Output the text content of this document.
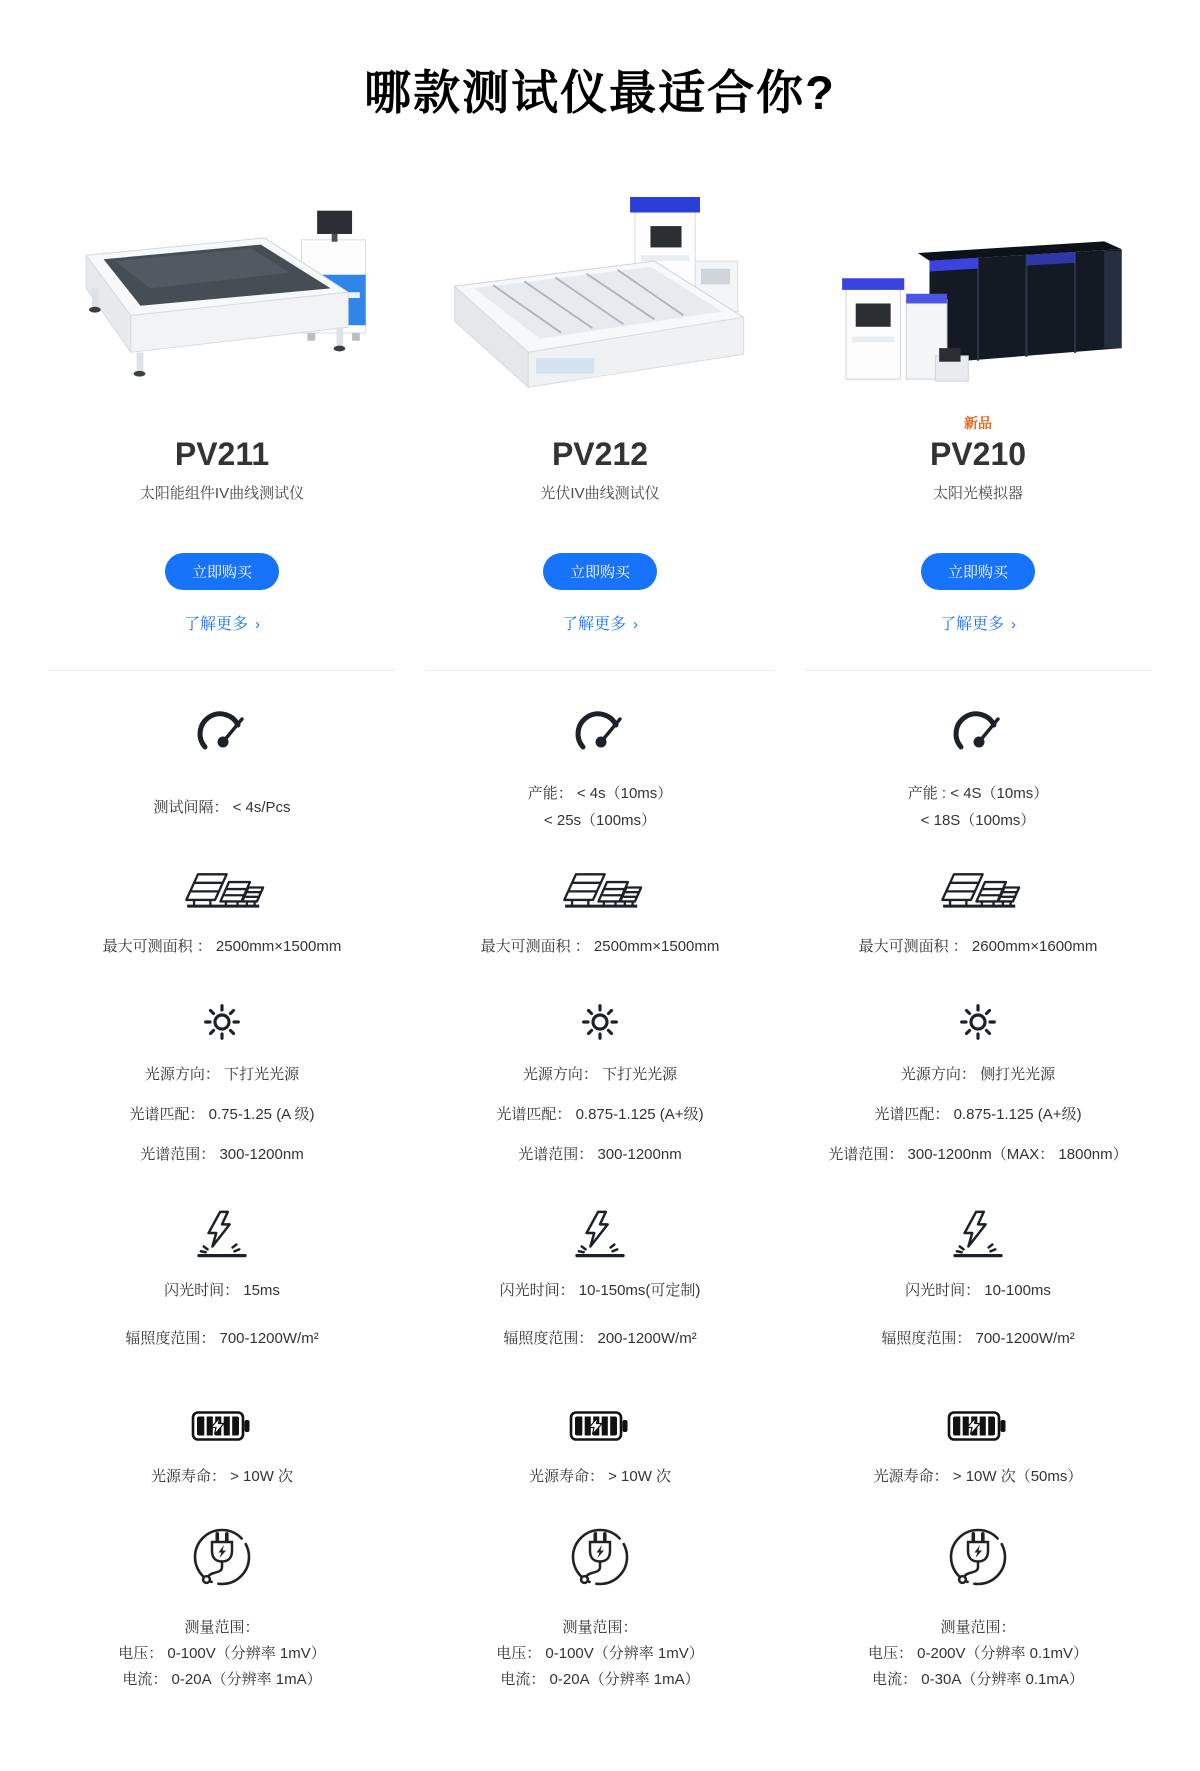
哪款测试仪最适合你?
PV211
太阳能组件IV曲线测试仪
立即购买
了解更多 ›

测试间隔： < 4s/Pcs

最大可测面积 ： 2500mm×1500mm

光源方向： 下打光光源

光谱匹配： 0.75-1.25 (A 级)

光谱范围： 300-1200nm

闪光时间： 15ms

辐照度范围： 700-1200W/m²

光源寿命： > 10W 次

测量范围：

电压： 0-100V（分辨率 1mV）

电流： 0-20A（分辨率 1mA）

PV212
光伏IV曲线测试仪
立即购买
了解更多 ›

产能： < 4s（10ms）

< 25s（100ms）

最大可测面积 ： 2500mm×1500mm

光源方向： 下打光光源

光谱匹配： 0.875-1.125 (A+级)

光谱范围： 300-1200nm

闪光时间： 10-150ms(可定制)

辐照度范围： 200-1200W/m²

光源寿命： > 10W 次

测量范围：

电压： 0-100V（分辨率 1mV）

电流： 0-20A（分辨率 1mA）

新品
PV210
太阳光模拟器
立即购买
了解更多 ›

产能 : < 4S（10ms）

< 18S（100ms）

最大可测面积 ： 2600mm×1600mm

光源方向： 侧打光光源

光谱匹配： 0.875-1.125 (A+级)

光谱范围： 300-1200nm（MAX： 1800nm）

闪光时间： 10-100ms

辐照度范围： 700-1200W/m²

光源寿命： > 10W 次（50ms）

测量范围：

电压： 0-200V（分辨率 0.1mV）

电流： 0-30A（分辨率 0.1mA）
